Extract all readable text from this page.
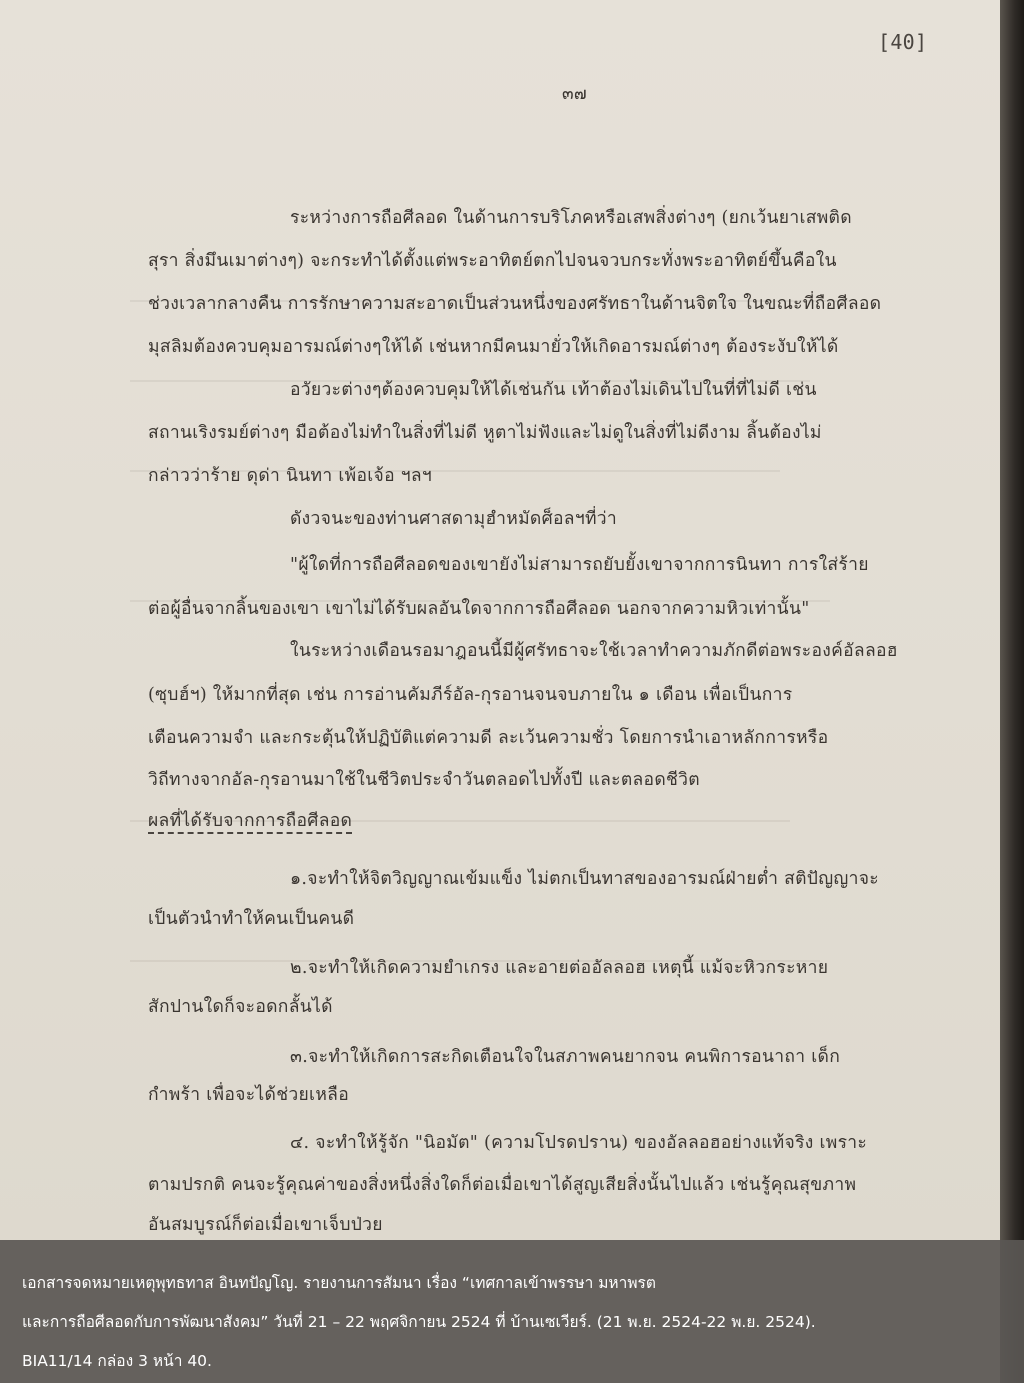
[40]
๓๗
ระหว่างการถือศีลอด ในด้านการบริโภคหรือเสพสิ่งต่างๆ (ยกเว้นยาเสพติด
สุรา สิ่งมึนเมาต่างๆ) จะกระทำได้ตั้งแต่พระอาทิตย์ตกไปจนจวบกระทั่งพระอาทิตย์ขึ้นคือใน
ช่วงเวลากลางคืน การรักษาความสะอาดเป็นส่วนหนึ่งของศรัทธาในด้านจิตใจ ในขณะที่ถือศีลอด
มุสลิมต้องควบคุมอารมณ์ต่างๆให้ได้ เช่นหากมีคนมายั่วให้เกิดอารมณ์ต่างๆ ต้องระงับให้ได้
อวัยวะต่างๆต้องควบคุมให้ได้เช่นกัน เท้าต้องไม่เดินไปในที่ที่ไม่ดี เช่น
สถานเริงรมย์ต่างๆ มือต้องไม่ทำในสิ่งที่ไม่ดี หูตาไม่ฟังและไม่ดูในสิ่งที่ไม่ดีงาม ลิ้นต้องไม่
กล่าวว่าร้าย ดุด่า นินทา เพ้อเจ้อ ฯลฯ
ดังวจนะของท่านศาสดามุฮำหมัดศ็อลฯที่ว่า
"ผู้ใดที่การถือศีลอดของเขายังไม่สามารถยับยั้งเขาจากการนินทา การใส่ร้าย
ต่อผู้อื่นจากลิ้นของเขา เขาไม่ได้รับผลอันใดจากการถือศีลอด นอกจากความหิวเท่านั้น"
ในระหว่างเดือนรอมาฎอนนี้มีผู้ศรัทธาจะใช้เวลาทำความภักดีต่อพระองค์อัลลอฮ
(ซุบฮ์ฯ) ให้มากที่สุด เช่น การอ่านคัมภีร์อัล-กุรอานจนจบภายใน ๑ เดือน เพื่อเป็นการ
เตือนความจำ และกระตุ้นให้ปฏิบัติแต่ความดี ละเว้นความชั่ว โดยการนำเอาหลักการหรือ
วิถีทางจากอัล-กุรอานมาใช้ในชีวิตประจำวันตลอดไปทั้งปี และตลอดชีวิต
ผลที่ได้รับจากการถือศีลอด
๑.จะทำให้จิตวิญญาณเข้มแข็ง ไม่ตกเป็นทาสของอารมณ์ฝ่ายต่ำ สติปัญญาจะ
เป็นตัวนำทำให้คนเป็นคนดี
๒.จะทำให้เกิดความยำเกรง และอายต่ออัลลอฮ เหตุนี้ แม้จะหิวกระหาย
สักปานใดก็จะอดกลั้นได้
๓.จะทำให้เกิดการสะกิดเตือนใจในสภาพคนยากจน คนพิการอนาถา เด็ก
กำพร้า เพื่อจะได้ช่วยเหลือ
๔. จะทำให้รู้จัก "นิอมัต" (ความโปรดปราน) ของอัลลอฮอย่างแท้จริง เพราะ
ตามปรกติ คนจะรู้คุณค่าของสิ่งหนึ่งสิ่งใดก็ต่อเมื่อเขาได้สูญเสียสิ่งนั้นไปแล้ว เช่นรู้คุณสุขภาพ
อันสมบูรณ์ก็ต่อเมื่อเขาเจ็บป่วย
เอกสารจดหมายเหตุพุทธทาส อินทปัญโญ. รายงานการสัมนา เรื่อง “เทศกาลเข้าพรรษา มหาพรต
และการถือศีลอดกับการพัฒนาสังคม” วันที่ 21 – 22 พฤศจิกายน 2524 ที่ บ้านเซเวียร์. (21 พ.ย. 2524-22 พ.ย. 2524).
BIA11/14 กล่อง 3 หน้า 40.
